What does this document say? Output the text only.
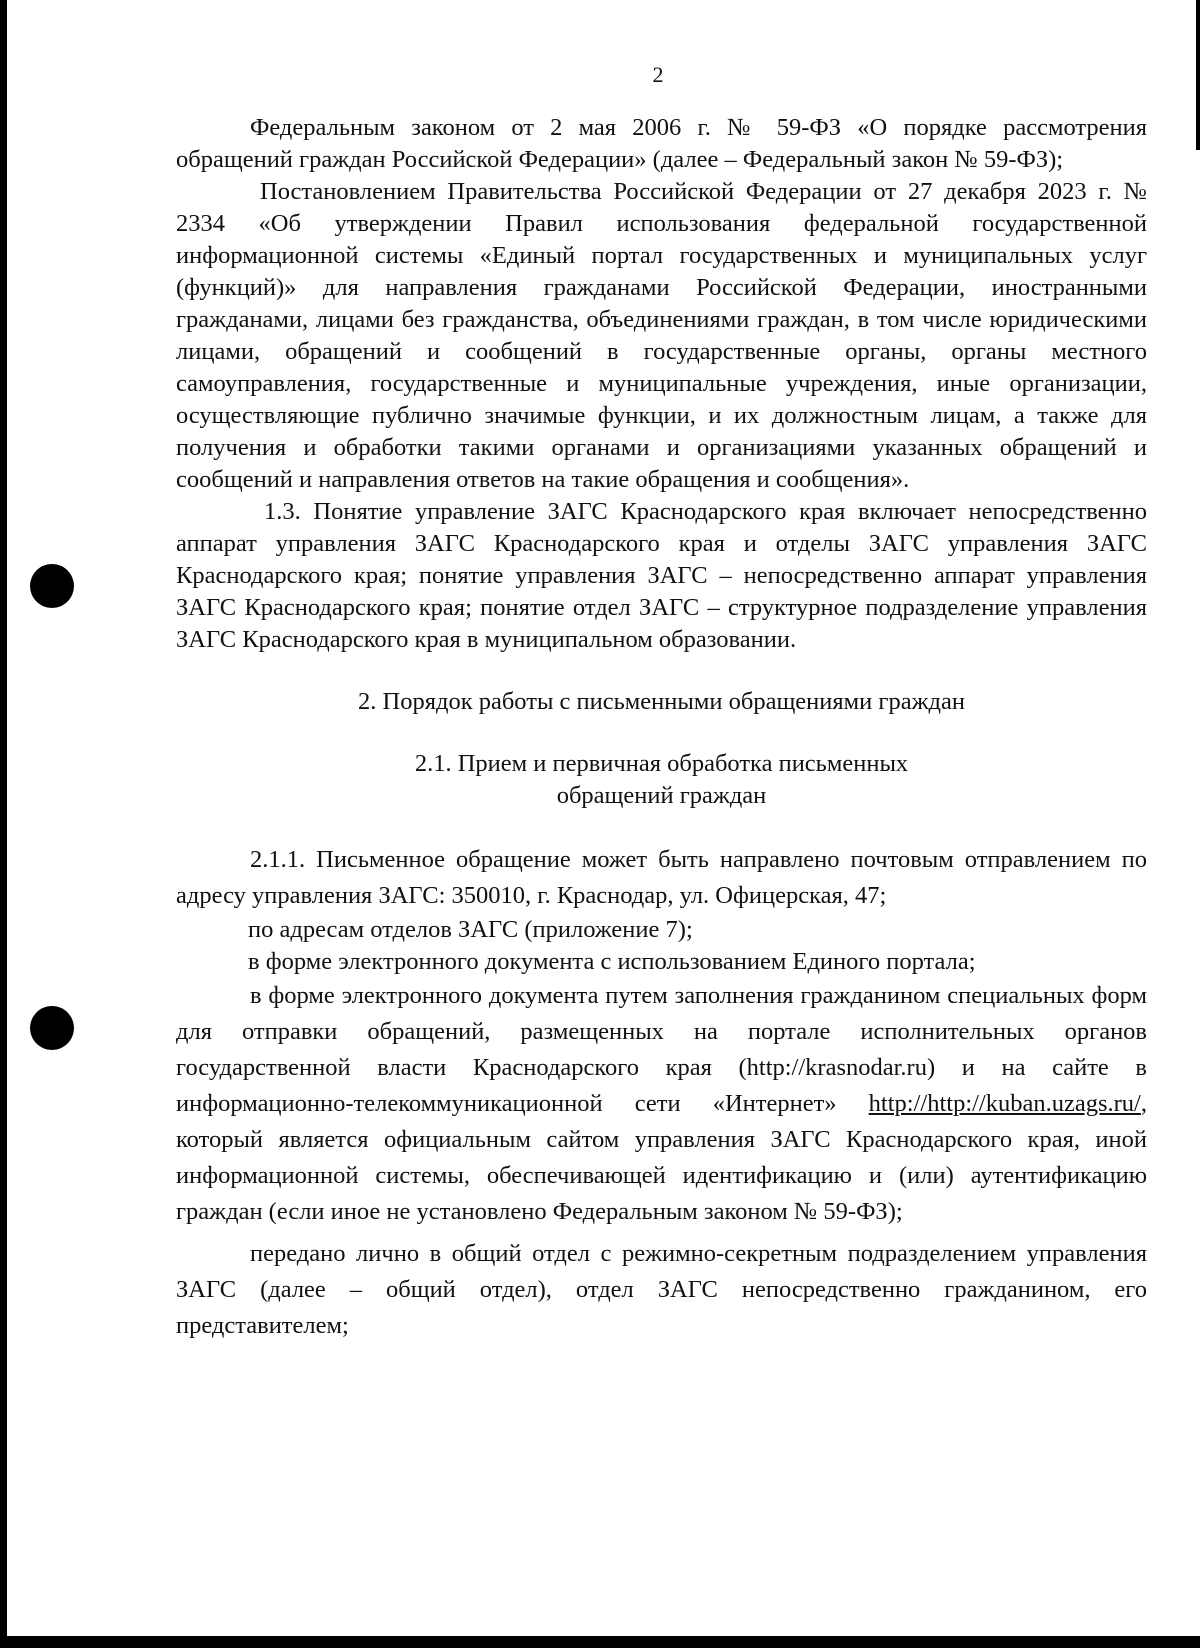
2

Федеральным законом от 2 мая 2006 г. № 59-ФЗ «О порядке рассмотрения обращений граждан Российской Федерации» (далее – Федеральный закон № 59-ФЗ);

Постановлением Правительства Российской Федерации от 27 декабря 2023 г. № 2334 «Об утверждении Правил использования федеральной государственной информационной системы «Единый портал государственных и муниципальных услуг (функций)» для направления гражданами Российской Федерации, иностранными гражданами, лицами без гражданства, объединениями граждан, в том числе юридическими лицами, обращений и сообщений в государственные органы, органы местного самоуправления, государственные и муниципальные учреждения, иные организации, осуществляющие публично значимые функции, и их должностным лицам, а также для получения и обработки такими органами и организациями указанных обращений и сообщений и направления ответов на такие обращения и сообщения».

1.3. Понятие управление ЗАГС Краснодарского края включает непосредственно аппарат управления ЗАГС Краснодарского края и отделы ЗАГС управления ЗАГС Краснодарского края; понятие управления ЗАГС – непосредственно аппарат управления ЗАГС Краснодарского края; понятие отдел ЗАГС – структурное подразделение управления ЗАГС Краснодарского края в муниципальном образовании.

2. Порядок работы с письменными обращениями граждан

2.1. Прием и первичная обработка письменных

обращений граждан

2.1.1. Письменное обращение может быть направлено почтовым отправлением по адресу управления ЗАГС: 350010, г. Краснодар, ул. Офицерская, 47;

по адресам отделов ЗАГС (приложение 7);

в форме электронного документа с использованием Единого портала;

в форме электронного документа путем заполнения гражданином специальных форм для отправки обращений, размещенных на портале исполнительных органов государственной власти Краснодарского края (http://krasnodar.ru) и на сайте в информационно-телекоммуникационной сети «Интернет» http://http://kuban.uzags.ru/, который является официальным сайтом управления ЗАГС Краснодарского края, иной информационной системы, обеспечивающей идентификацию и (или) аутентификацию граждан (если иное не установлено Федеральным законом № 59-ФЗ);

передано лично в общий отдел с режимно-секретным подразделением управления ЗАГС (далее – общий отдел), отдел ЗАГС непосредственно гражданином, его представителем;
